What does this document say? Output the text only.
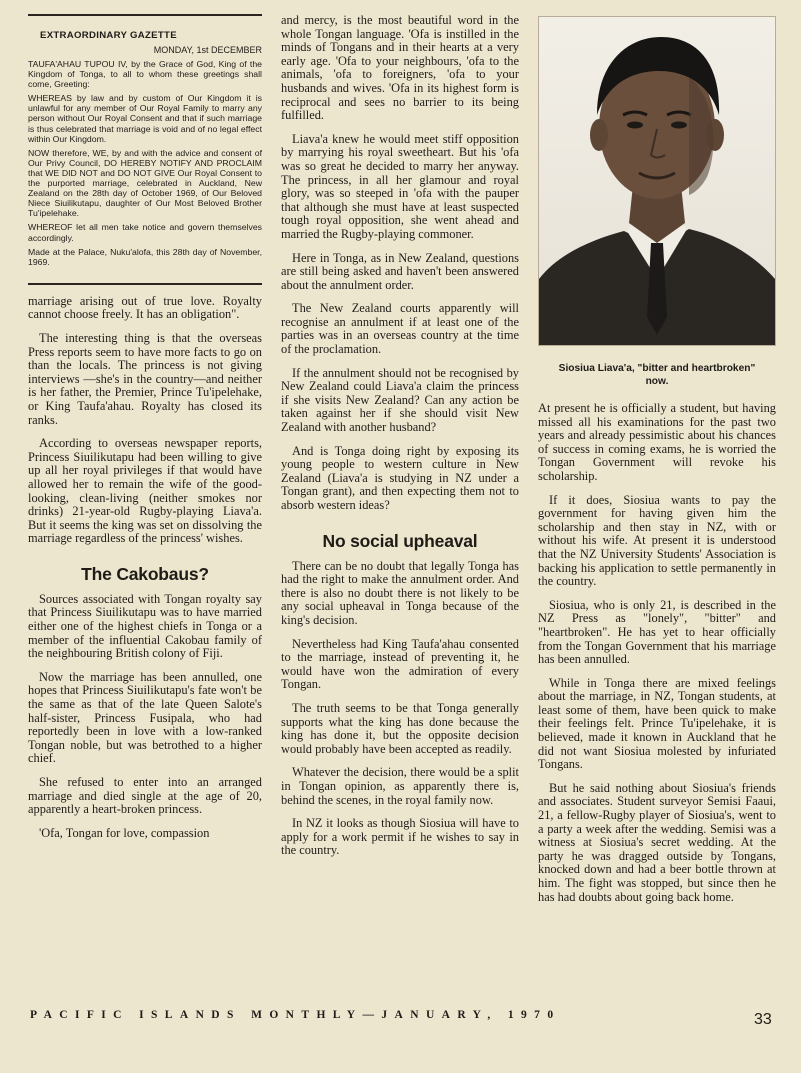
EXTRAORDINARY GAZETTE
MONDAY, 1st DECEMBER

TAUFA'AHAU TUPOU IV, by the Grace of God, King of the Kingdom of Tonga, to all to whom these greetings shall come, Greeting:

WHEREAS by law and by custom of Our Kingdom it is unlawful for any member of Our Royal Family to marry any person without Our Royal Consent and that if such marriage is thus celebrated that marriage is void and of no legal effect within Our Kingdom.

NOW therefore, WE, by and with the advice and consent of Our Privy Council, DO HEREBY NOTIFY AND PROCLAIM that WE DID NOT and DO NOT GIVE Our Royal Consent to the purported marriage, celebrated in Auckland, New Zealand on the 28th day of October 1969, of Our Beloved Niece Siuilikutapu, daughter of Our Most Beloved Brother Tu'ipelehake.

WHEREOF let all men take notice and govern themselves accordingly.

Made at the Palace, Nuku'alofa, this 28th day of November, 1969.

marriage arising out of true love. Royalty cannot choose freely. It has an obligation".

The interesting thing is that the overseas Press reports seem to have more facts to go on than the locals. The princess is not giving interviews —she's in the country—and neither is her father, the Premier, Prince Tu'ipelehake, or King Taufa'ahau. Royalty has closed its ranks.

According to overseas newspaper reports, Princess Siuilikutapu had been willing to give up all her royal privileges if that would have allowed her to remain the wife of the good-looking, clean-living (neither smokes nor drinks) 21-year-old Rugby-playing Liava'a. But it seems the king was set on dissolving the marriage regardless of the princess' wishes.

The Cakobaus?

Sources associated with Tongan royalty say that Princess Siuilikutapu was to have married either one of the highest chiefs in Tonga or a member of the influential Cakobau family of the neighbouring British colony of Fiji.

Now the marriage has been annulled, one hopes that Princess Siuilikutapu's fate won't be the same as that of the late Queen Salote's half-sister, Princess Fusipala, who had reportedly been in love with a low-ranked Tongan noble, but was betrothed to a higher chief.

She refused to enter into an arranged marriage and died single at the age of 20, apparently a heart-broken princess.

'Ofa, Tongan for love, compassion

and mercy, is the most beautiful word in the whole Tongan language. 'Ofa is instilled in the minds of Tongans and in their hearts at a very early age. 'Ofa to your neighbours, 'ofa to the animals, 'ofa to foreigners, 'ofa to your husbands and wives. 'Ofa in its highest form is reciprocal and sees no barrier to its being fulfilled.

Liava'a knew he would meet stiff opposition by marrying his royal sweetheart. But his 'ofa was so great he decided to marry her anyway. The princess, in all her glamour and royal glory, was so steeped in 'ofa with the pauper that although she must have at least suspected tough royal opposition, she went ahead and married the Rugby-playing commoner.

Here in Tonga, as in New Zealand, questions are still being asked and haven't been answered about the annulment order.

The New Zealand courts apparently will recognise an annulment if at least one of the parties was in an overseas country at the time of the proclamation.

If the annulment should not be recognised by New Zealand could Liava'a claim the princess if she visits New Zealand? Can any action be taken against her if she should visit New Zealand with another husband?

And is Tonga doing right by exposing its young people to western culture in New Zealand (Liava'a is studying in NZ under a Tongan grant), and then expecting them not to absorb western ideas?

No social upheaval

There can be no doubt that legally Tonga has had the right to make the annulment order. And there is also no doubt there is not likely to be any social upheaval in Tonga because of the king's decision.

Nevertheless had King Taufa'ahau consented to the marriage, instead of preventing it, he would have won the admiration of every Tongan.

The truth seems to be that Tonga generally supports what the king has done because the king has done it, but the opposite decision would probably have been accepted as readily.

Whatever the decision, there would be a split in Tongan opinion, as apparently there is, behind the scenes, in the royal family now.

In NZ it looks as though Siosiua will have to apply for a work permit if he wishes to say in the country.

Siosiua Liava'a, "bitter and heartbroken" now.

At present he is officially a student, but having missed all his examinations for the past two years and already pessimistic about his chances of success in coming exams, he is worried the Tongan Government will revoke his scholarship.

If it does, Siosiua wants to pay the government for having given him the scholarship and then stay in NZ, with or without his wife. At present it is understood that the NZ University Students' Association is backing his application to settle permanently in the country.

Siosiua, who is only 21, is described in the NZ Press as "lonely", "bitter" and "heartbroken". He has yet to hear officially from the Tongan Government that his marriage has been annulled.

While in Tonga there are mixed feelings about the marriage, in NZ, Tongan students, at least some of them, have been quick to make their feelings felt. Prince Tu'ipelehake, it is believed, made it known in Auckland that he did not want Siosiua molested by infuriated Tongans.

But he said nothing about Siosiua's friends and associates. Student surveyor Semisi Faaui, 21, a fellow-Rugby player of Siosiua's, went to a party a week after the wedding. Semisi was a witness at Siosiua's secret wedding. At the party he was dragged outside by Tongans, knocked down and had a beer bottle thrown at him. The fight was stopped, but since then he has had doubts about going back home.

PACIFIC ISLANDS MONTHLY—JANUARY, 1970	33
